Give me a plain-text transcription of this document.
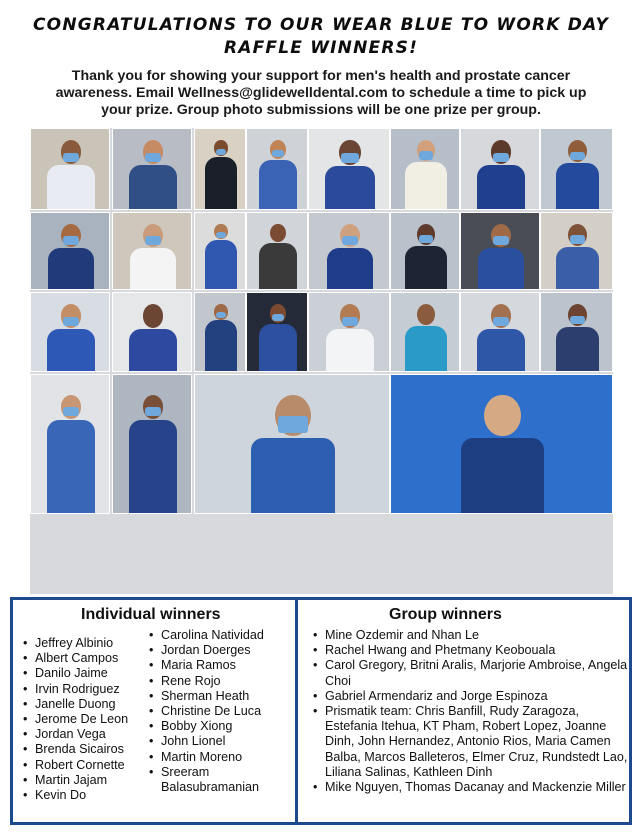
CONGRATULATIONS TO OUR WEAR BLUE TO WORK DAY
RAFFLE WINNERS!
Thank you for showing your support for men's health and prostate cancer
awareness. Email Wellness@glidewelldental.com to schedule a time to pick up
your prize. Group photo submissions will be one prize per group.
Individual winners	Group winners
• Jeffrey Albinio
• Albert Campos
• Danilo Jaime
• Irvin Rodriguez
• Janelle Duong
• Jerome De Leon
• Jordan Vega
• Brenda Sicairos
• Robert Cornette
• Martin Jajam
• Kevin Do
• Carolina Natividad
• Jordan Doerges
• Maria Ramos
• Rene Rojo
• Sherman Heath
• Christine De Luca
• Bobby Xiong
• John Lionel
• Martin Moreno
• Sreeram Balasubramanian
• Mine Ozdemir and Nhan Le
• Rachel Hwang and Phetmany Keobouala
• Carol Gregory, Britni Aralis, Marjorie Ambroise, Angela Choi
• Gabriel Armendariz and Jorge Espinoza
• Prismatik team: Chris Banfill, Rudy Zaragoza, Estefania Itehua, KT Pham, Robert Lopez, Joanne Dinh, John Hernandez, Antonio Rios, Maria Camen Balba, Marcos Balleteros, Elmer Cruz, Rundstedt Lao, Liliana Salinas, Kathleen Dinh
• Mike Nguyen, Thomas Dacanay and Mackenzie Miller
